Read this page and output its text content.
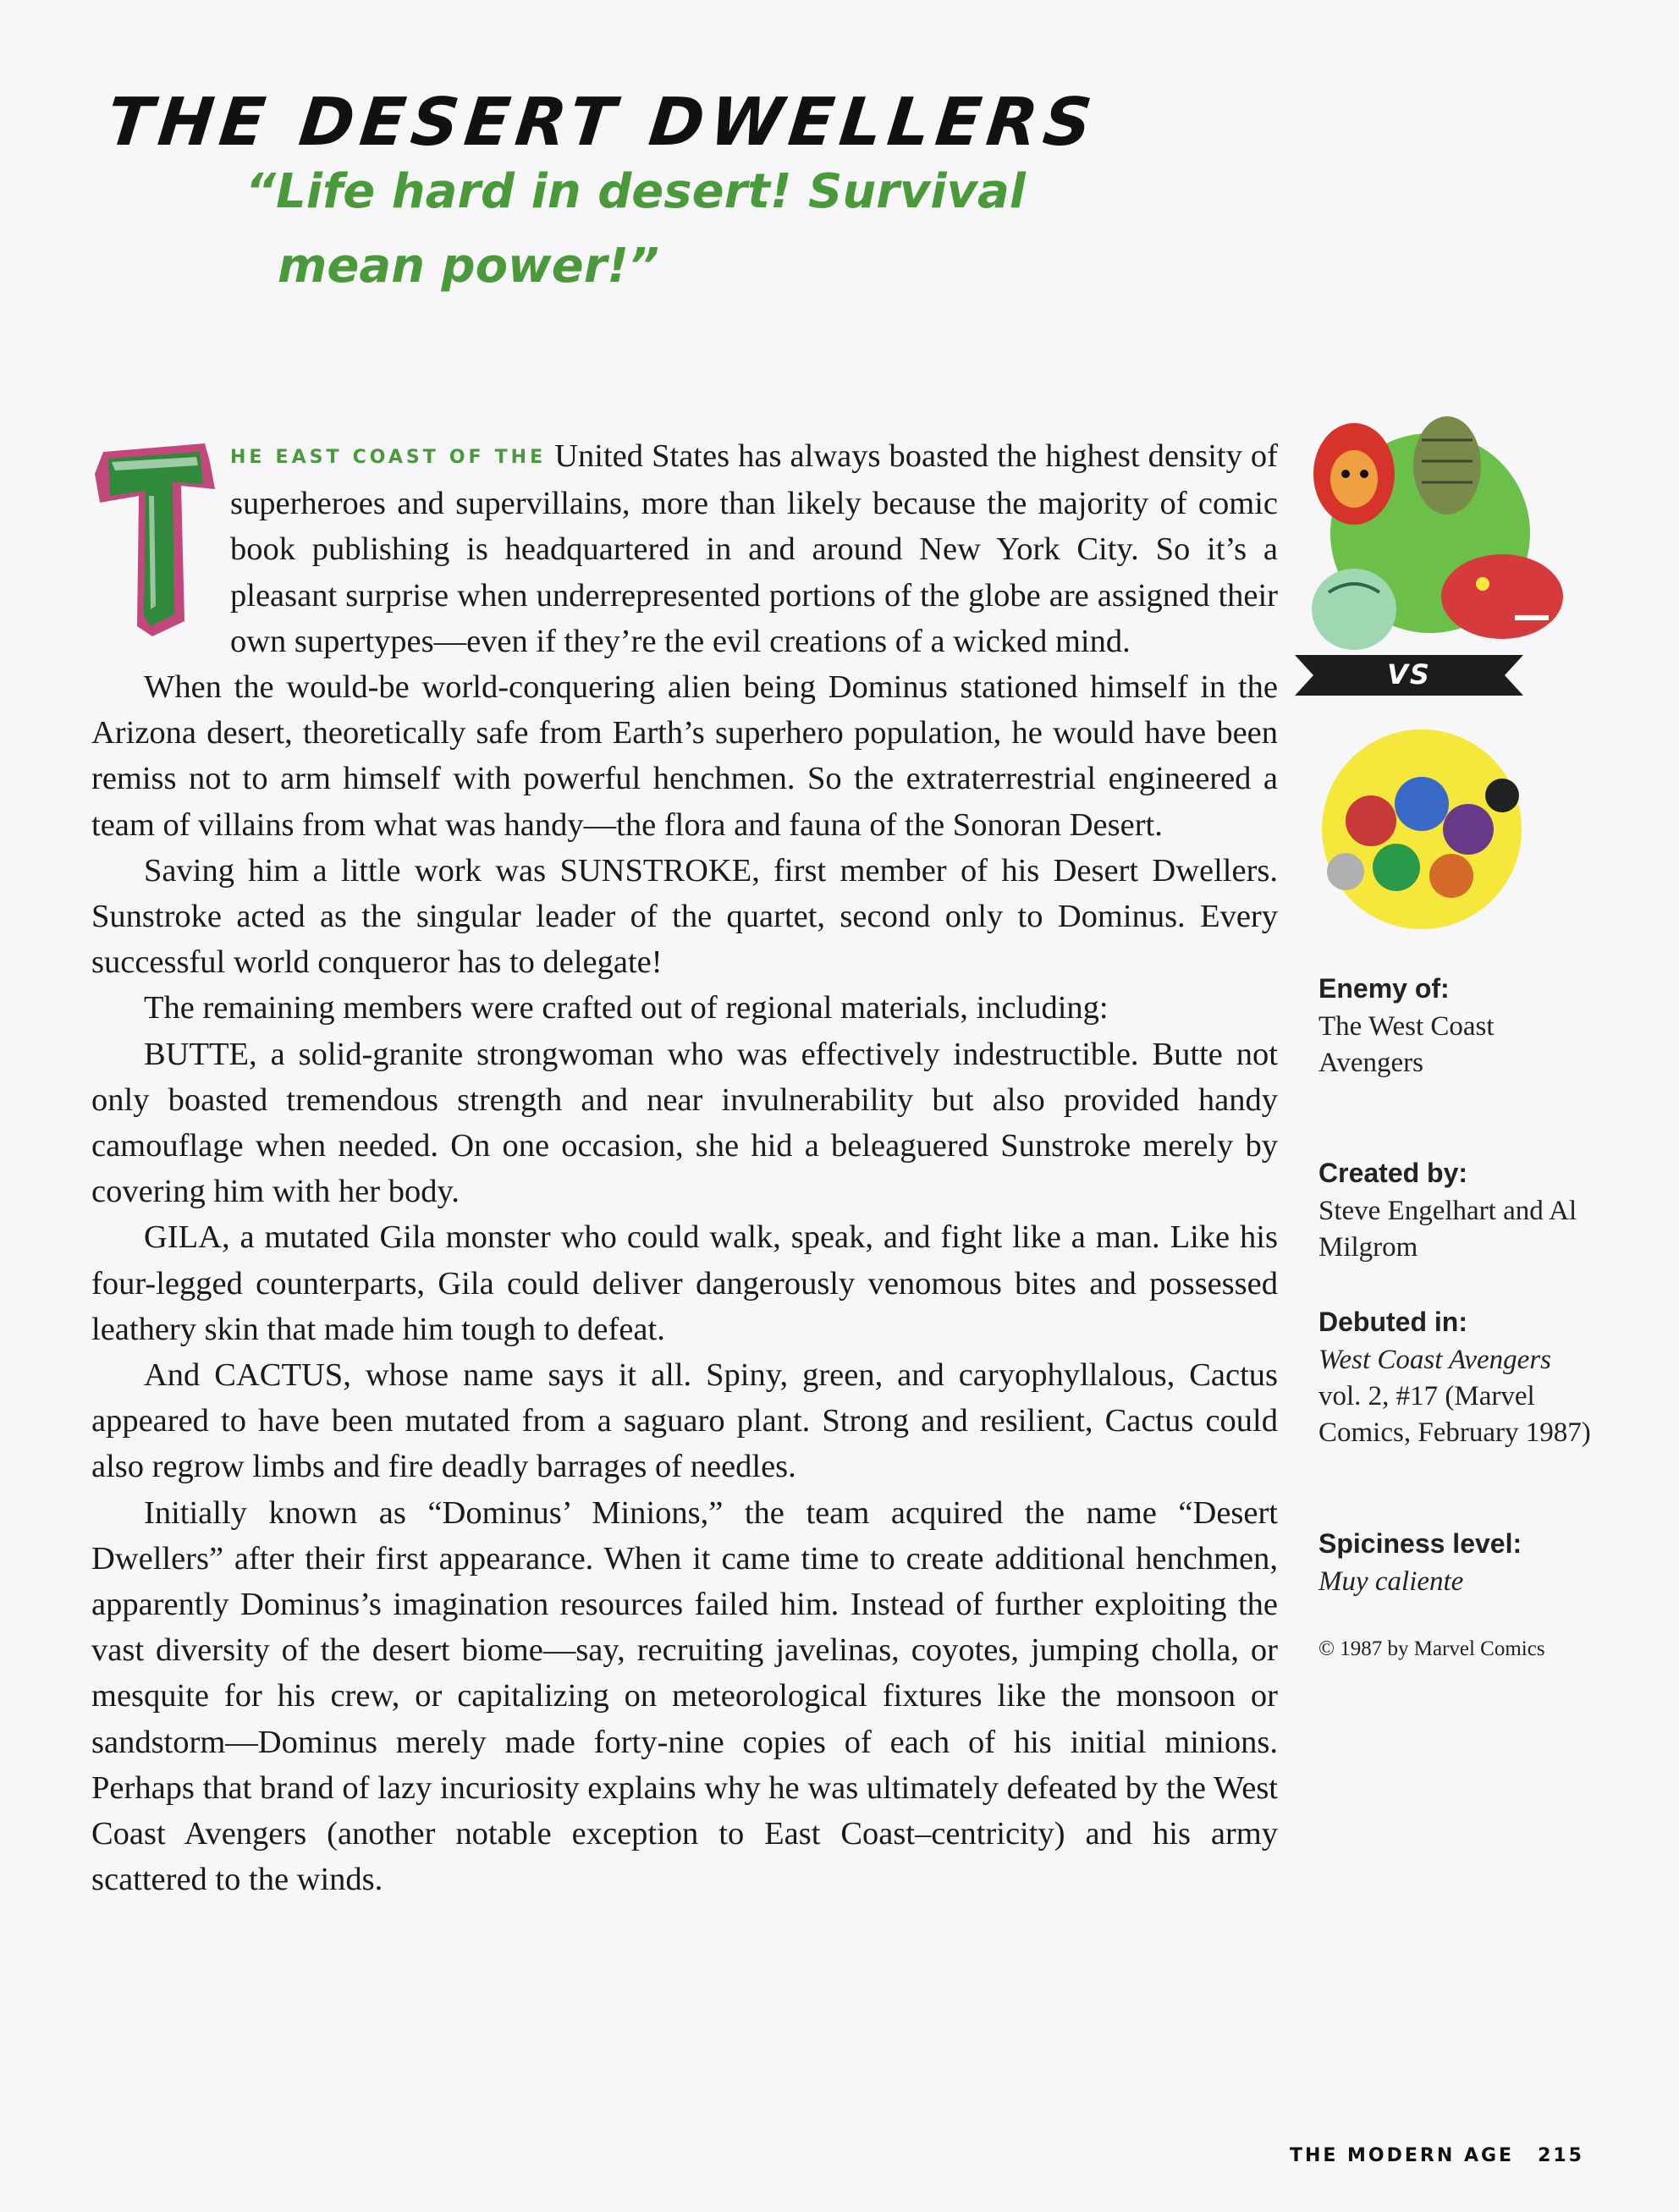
THE DESERT DWELLERS

“Life hard in desert! Survival
mean power!”

T
HE EAST COAST OF THE United States has always boasted the highest density of superheroes and supervillains, more than likely because the majority of comic book publishing is headquartered in and around New York City. So it’s a pleasant surprise when underrepresented portions of the globe are assigned their own supertypes—even if they’re the evil creations of a wicked mind.

When the would-be world-conquering alien being Dominus stationed himself in the Arizona desert, theoretically safe from Earth’s superhero population, he would have been remiss not to arm himself with powerful henchmen. So the extraterrestrial engineered a team of villains from what was handy—the flora and fauna of the Sonoran Desert.

Saving him a little work was SUNSTROKE, first member of his Desert Dwellers. Sunstroke acted as the singular leader of the quartet, second only to Dominus. Every successful world conqueror has to delegate!

The remaining members were crafted out of regional materials, including:

BUTTE, a solid-granite strongwoman who was effectively indestructible. Butte not only boasted tremendous strength and near invulnerability but also provided handy camouflage when needed. On one occasion, she hid a beleaguered Sunstroke merely by covering him with her body.

GILA, a mutated Gila monster who could walk, speak, and fight like a man. Like his four-legged counterparts, Gila could deliver dangerously venomous bites and possessed leathery skin that made him tough to defeat.

And CACTUS, whose name says it all. Spiny, green, and caryophyllalous, Cactus appeared to have been mutated from a saguaro plant. Strong and resilient, Cactus could also regrow limbs and fire deadly barrages of needles.

Initially known as “Dominus’ Minions,” the team acquired the name “Desert Dwellers” after their first appearance. When it came time to create additional henchmen, apparently Dominus’s imagination resources failed him. Instead of further exploiting the vast diversity of the desert biome—say, recruiting javelinas, coyotes, jumping cholla, or mesquite for his crew, or capitalizing on meteorological fixtures like the monsoon or sandstorm—Dominus merely made forty-nine copies of each of his initial minions. Perhaps that brand of lazy incuriosity explains why he was ultimately defeated by the West Coast Avengers (another notable exception to East Coast–centricity) and his army scattered to the winds.

VS
Enemy of:

The West Coast Avengers

Created by:

Steve Engelhart and Al Milgrom

Debuted in:

West Coast Avengers vol. 2, #17 (Marvel Comics, February 1987)

Spiciness level:

Muy caliente

© 1987 by Marvel Comics

THE MODERN AGE 215
